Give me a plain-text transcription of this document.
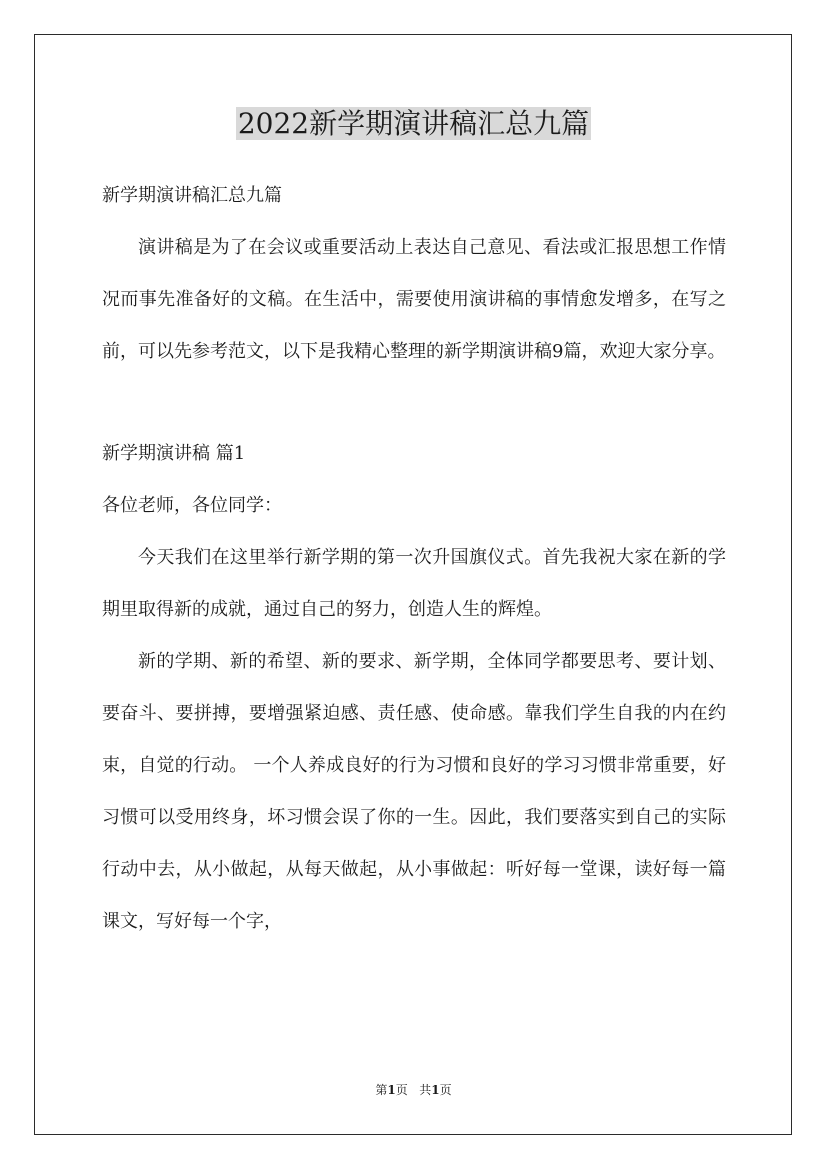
2022新学期演讲稿汇总九篇

新学期演讲稿汇总九篇

演讲稿是为了在会议或重要活动上表达自己意见、看法或汇报思想工作情况而事先准备好的文稿。在生活中，需要使用演讲稿的事情愈发增多，在写之前，可以先参考范文，以下是我精心整理的新学期演讲稿9篇，欢迎大家分享。

新学期演讲稿 篇1

各位老师，各位同学：

今天我们在这里举行新学期的第一次升国旗仪式。首先我祝大家在新的学期里取得新的成就，通过自己的努力，创造人生的辉煌。

新的学期、新的希望、新的要求、新学期，全体同学都要思考、要计划、要奋斗、要拼搏，要增强紧迫感、责任感、使命感。靠我们学生自我的内在约束，自觉的行动。 一个人养成良好的行为习惯和良好的学习习惯非常重要，好习惯可以受用终身，坏习惯会误了你的一生。因此，我们要落实到自己的实际行动中去，从小做起，从每天做起，从小事做起：听好每一堂课，读好每一篇课文，写好每一个字，

第1页 共1页
